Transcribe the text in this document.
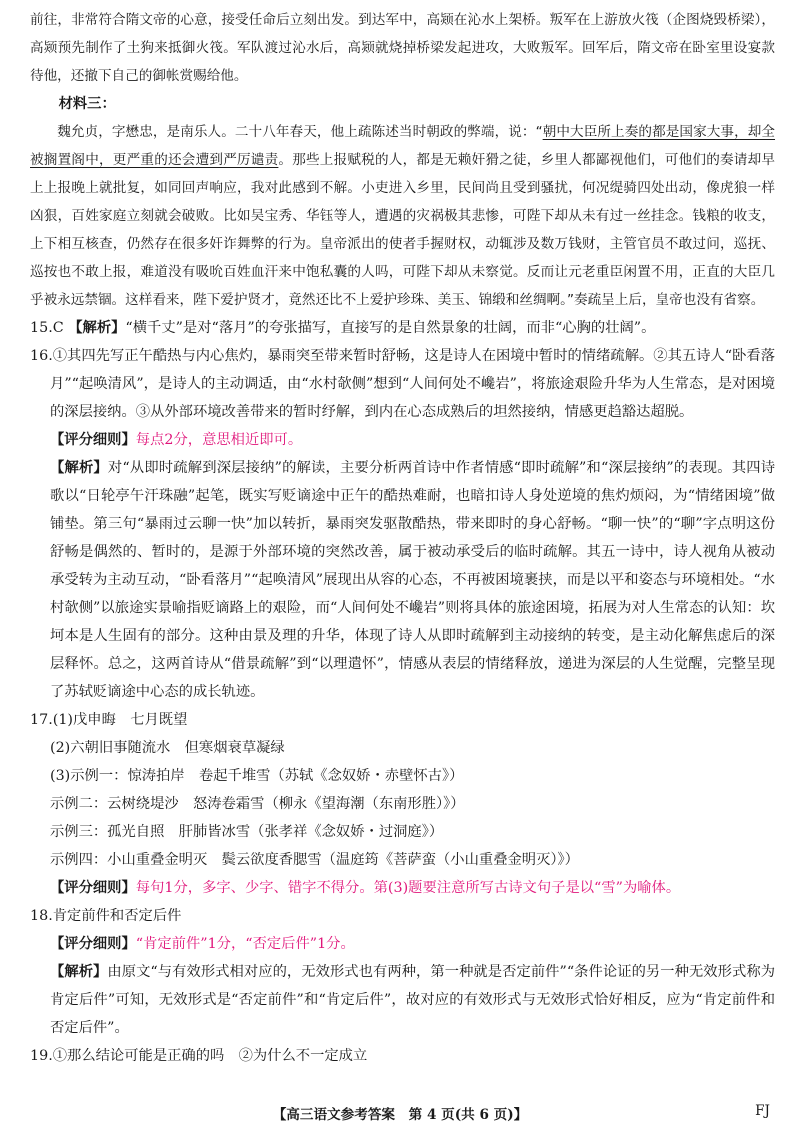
前往，非常符合隋文帝的心意，接受任命后立刻出发。到达军中，高颎在沁水上架桥。叛军在上游放火筏（企图烧毁桥梁），高颎预先制作了土狗来抵御火筏。军队渡过沁水后，高颎就烧掉桥梁发起进攻，大败叛军。回军后，隋文帝在卧室里设宴款待他，还撤下自己的御帐赏赐给他。

材料三：

魏允贞，字懋忠，是南乐人。二十八年春天，他上疏陈述当时朝政的弊端，说：“朝中大臣所上奏的都是国家大事，却全被搁置阁中，更严重的还会遭到严厉谴责。那些上报赋税的人，都是无赖奸猾之徒，乡里人都鄙视他们，可他们的奏请却早上上报晚上就批复，如同回声响应，我对此感到不解。小吏进入乡里，民间尚且受到骚扰，何况缇骑四处出动，像虎狼一样凶狠，百姓家庭立刻就会破败。比如吴宝秀、华钰等人，遭遇的灾祸极其悲惨，可陛下却从未有过一丝挂念。钱粮的收支，上下相互核查，仍然存在很多奸诈舞弊的行为。皇帝派出的使者手握财权，动辄涉及数万钱财，主管官员不敢过问，巡抚、巡按也不敢上报，难道没有吸吮百姓血汗来中饱私囊的人吗，可陛下却从未察觉。反而让元老重臣闲置不用，正直的大臣几乎被永远禁锢。这样看来，陛下爱护贤才，竟然还比不上爱护珍珠、美玉、锦缎和丝绸啊。”奏疏呈上后，皇帝也没有省察。

15.C 【解析】“横千丈”是对“落月”的夸张描写，直接写的是自然景象的壮阔，而非“心胸的壮阔”。

16.①其四先写正午酷热与内心焦灼，暴雨突至带来暂时舒畅，这是诗人在困境中暂时的情绪疏解。②其五诗人“卧看落月”“起唤清风”，是诗人的主动调适，由“水村欹侧”想到“人间何处不巉岩”，将旅途艰险升华为人生常态，是对困境的深层接纳。③从外部环境改善带来的暂时纾解，到内在心态成熟后的坦然接纳，情感更趋豁达超脱。

【评分细则】每点2分，意思相近即可。

【解析】对“从即时疏解到深层接纳”的解读，主要分析两首诗中作者情感“即时疏解”和“深层接纳”的表现。其四诗歌以“日轮亭午汗珠融”起笔，既实写贬谪途中正午的酷热难耐，也暗扣诗人身处逆境的焦灼烦闷，为“情绪困境”做铺垫。第三句“暴雨过云聊一快”加以转折，暴雨突发驱散酷热，带来即时的身心舒畅。“聊一快”的“聊”字点明这份舒畅是偶然的、暂时的，是源于外部环境的突然改善，属于被动承受后的临时疏解。其五一诗中，诗人视角从被动承受转为主动互动，“卧看落月”“起唤清风”展现出从容的心态，不再被困境裹挟，而是以平和姿态与环境相处。“水村欹侧”以旅途实景喻指贬谪路上的艰险，而“人间何处不巉岩”则将具体的旅途困境，拓展为对人生常态的认知：坎坷本是人生固有的部分。这种由景及理的升华，体现了诗人从即时疏解到主动接纳的转变，是主动化解焦虑后的深层释怀。总之，这两首诗从“借景疏解”到“以理遣怀”，情感从表层的情绪释放，递进为深层的人生觉醒，完整呈现了苏轼贬谪途中心态的成长轨迹。

17.(1)戊申晦　七月既望

(2)六朝旧事随流水　但寒烟衰草凝绿

(3)示例一：惊涛拍岸　卷起千堆雪（苏轼《念奴娇・赤壁怀古》）

示例二：云树绕堤沙　怒涛卷霜雪（柳永《望海潮（东南形胜）》）

示例三：孤光自照　肝肺皆冰雪（张孝祥《念奴娇・过洞庭》）

示例四：小山重叠金明灭　鬓云欲度香腮雪（温庭筠《菩萨蛮（小山重叠金明灭）》）

【评分细则】每句1分，多字、少字、错字不得分。第(3)题要注意所写古诗文句子是以“雪”为喻体。

18.肯定前件和否定后件

【评分细则】“肯定前件”1分，“否定后件”1分。

【解析】由原文“与有效形式相对应的，无效形式也有两种，第一种就是否定前件”“条件论证的另一种无效形式称为肯定后件”可知，无效形式是“否定前件”和“肯定后件”，故对应的有效形式与无效形式恰好相反，应为“肯定前件和否定后件”。

19.①那么结论可能是正确的吗　②为什么不一定成立

【高三语文参考答案　第 4 页(共 6 页)】	FJ
